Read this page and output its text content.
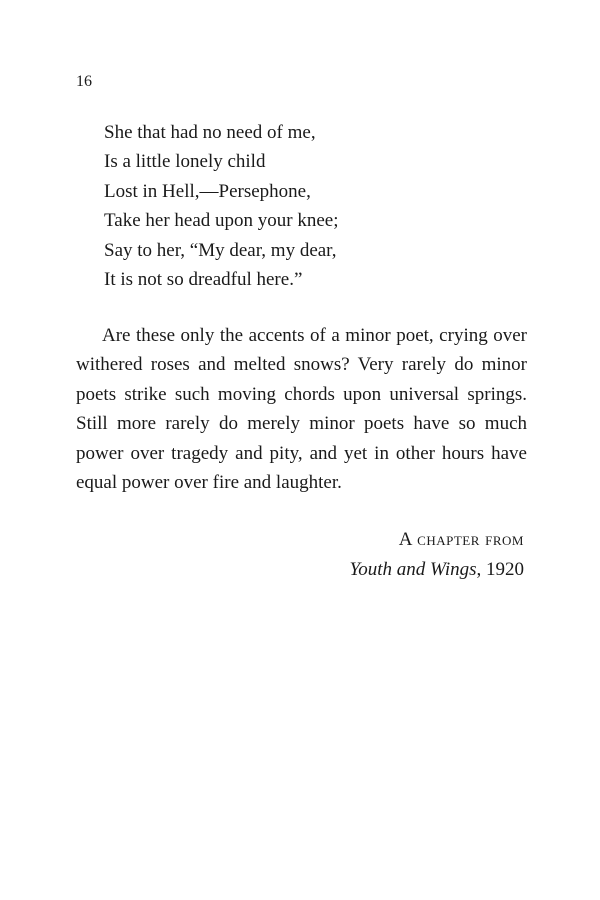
16
She that had no need of me,
Is a little lonely child
Lost in Hell,—Persephone,
Take her head upon your knee;
Say to her, “My dear, my dear,
It is not so dreadful here.”

Are these only the accents of a minor poet, crying over withered roses and melted snows? Very rarely do minor poets strike such moving chords upon universal springs. Still more rarely do merely minor poets have so much power over tragedy and pity, and yet in other hours have equal power over fire and laughter.

A chapter from
Youth and Wings, 1920
